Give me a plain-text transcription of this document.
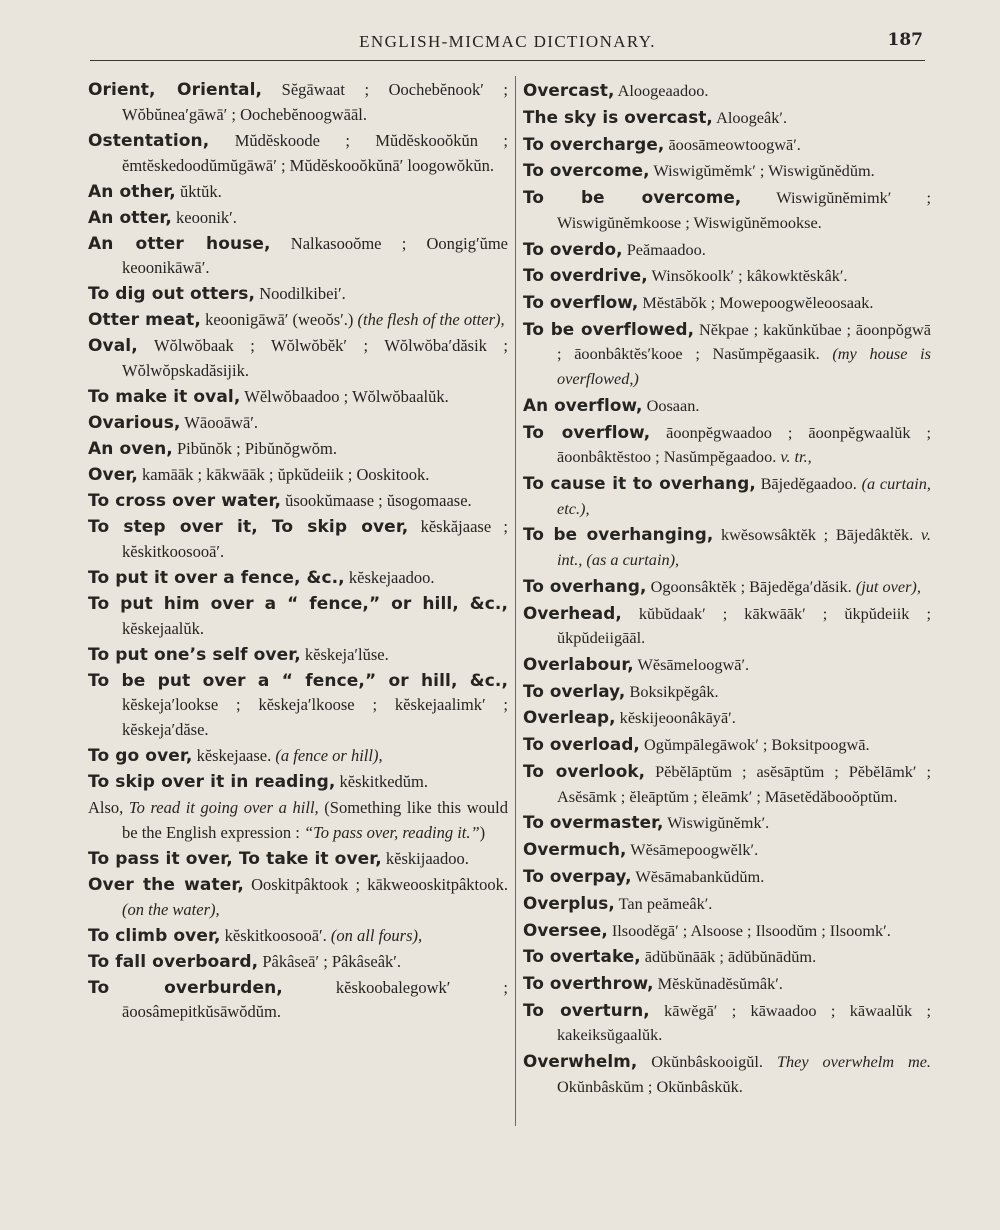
ENGLISH-MICMAC DICTIONARY.	187

Orient, Oriental, Sĕgāwaat ; Oochebĕnook′ ; Wŏbŭnea′gāwā′ ; Oochebĕnoogwāāl.

Ostentation, Mŭdĕskoode ; Mŭdĕskooŏkŭn ; ĕmtĕskedoodŭmŭgāwā′ ; Mŭdĕskooŏkŭnā′ loogowŏkŭn.

An other, ŭktŭk.

An otter, keoonik′.

An otter house, Nalkasooŏme ; Oongig′ŭme keoonikāwā′.

To dig out otters, Noodilkibei′.

Otter meat, keoonigāwā′ (weoŏs′.) (the flesh of the otter),

Oval, Wŏlwŏbaak ; Wŏlwŏbĕk′ ; Wŏlwŏba′dăsik ; Wŏlwŏpskadăsijik.

To make it oval, Wĕlwŏbaadoo ; Wŏlwŏbaalŭk.

Ovarious, Wāooāwā′.

An oven, Pibŭnŏk ; Pibŭnŏgwŏm.

Over, kamāāk ; kākwāāk ; ŭpkŭdeiik ; Ooskitook.

To cross over water, ŭsookŭmaase ; ŭsogomaase.

To step over it, To skip over, kĕskăjaase ; kĕskitkoosooā′.

To put it over a fence, &c., kĕskejaadoo.

To put him over a “ fence,” or hill, &c., kĕskejaalŭk.

To put one’s self over, kĕskeja′lŭse.

To be put over a “ fence,” or hill, &c., kĕskeja′lookse ; kĕskeja′lkoose ; kĕskejaalimk′ ; kĕskeja′dăse.

To go over, kĕskejaase. (a fence or hill),

To skip over it in reading, kĕskitkedŭm.

Also, To read it going over a hill, (Something like this would be the English expression : “To pass over, reading it.”)

To pass it over, To take it over, kĕskijaadoo.

Over the water, Ooskitpâktook ; kākweooskitpâktook. (on the water),

To climb over, kĕskitkoosooā′. (on all fours),

To fall overboard, Pâkâseā′ ; Pâkâseâk′.

To overburden, kĕskoobalegowk′ ; āoosâmepitkŭsāwŏdŭm.

Overcast, Aloogeaadoo.

The sky is overcast, Aloogeâk′.

To overcharge, āoosāmeowtoogwā′.

To overcome, Wiswigŭmĕmk′ ; Wiswigŭnĕdŭm.

To be overcome, Wiswigŭnĕmimk′ ; Wiswigŭnĕmkoose ; Wiswigŭnĕmookse.

To overdo, Peămaadoo.

To overdrive, Winsŏkoolk′ ; kâkowktĕskâk′.

To overflow, Mĕstābŏk ; Mowepoogwĕleoosaak.

To be overflowed, Nĕkpae ; kakŭnkŭbae ; āoonpŏgwā ; āoonbâktĕs′kooe ; Nasŭmpĕgaasik. (my house is overflowed,)

An overflow, Oosaan.

To overflow, āoonpĕgwaadoo ; āoonpĕgwaalŭk ; āoonbâktĕstoo ; Nasŭmpĕgaadoo. v. tr.,

To cause it to overhang, Bājedĕgaadoo. (a curtain, etc.),

To be overhanging, kwĕsowsâktĕk ; Bājedâktĕk. v. int., (as a curtain),

To overhang, Ogoonsâktĕk ; Bājedĕga′dăsik. (jut over),

Overhead, kŭbŭdaak′ ; kākwāāk′ ; ŭkpŭdeiik ; ŭkpŭdeiigāāl.

Overlabour, Wĕsāmeloogwā′.

To overlay, Boksikpĕgâk.

Overleap, kĕskijeoonâkāyā′.

To overload, Ogŭmpālegāwok′ ; Boksitpoogwā.

To overlook, Pĕbĕlāptŭm ; asĕsāptŭm ; Pĕbĕlāmk′ ; Asĕsāmk ; ĕleāptŭm ; ĕleāmk′ ; Māsetĕdăbooŏptŭm.

To overmaster, Wiswigŭnĕmk′.

Overmuch, Wĕsāmepoogwĕlk′.

To overpay, Wĕsāmabankŭdŭm.

Overplus, Tan peămeâk′.

Oversee, Ilsoodĕgā′ ; Alsoose ; Ilsoodŭm ; Ilsoomk′.

To overtake, ādŭbŭnāāk ; ādŭbŭnādŭm.

To overthrow, Mĕskŭnadĕsŭmâk′.

To overturn, kāwĕgā′ ; kāwaadoo ; kāwaalŭk ; kakeiksŭgaalŭk.

Overwhelm, Okŭnbâskooigŭl. They overwhelm me. Okŭnbâskŭm ; Okŭnbâskŭk.
